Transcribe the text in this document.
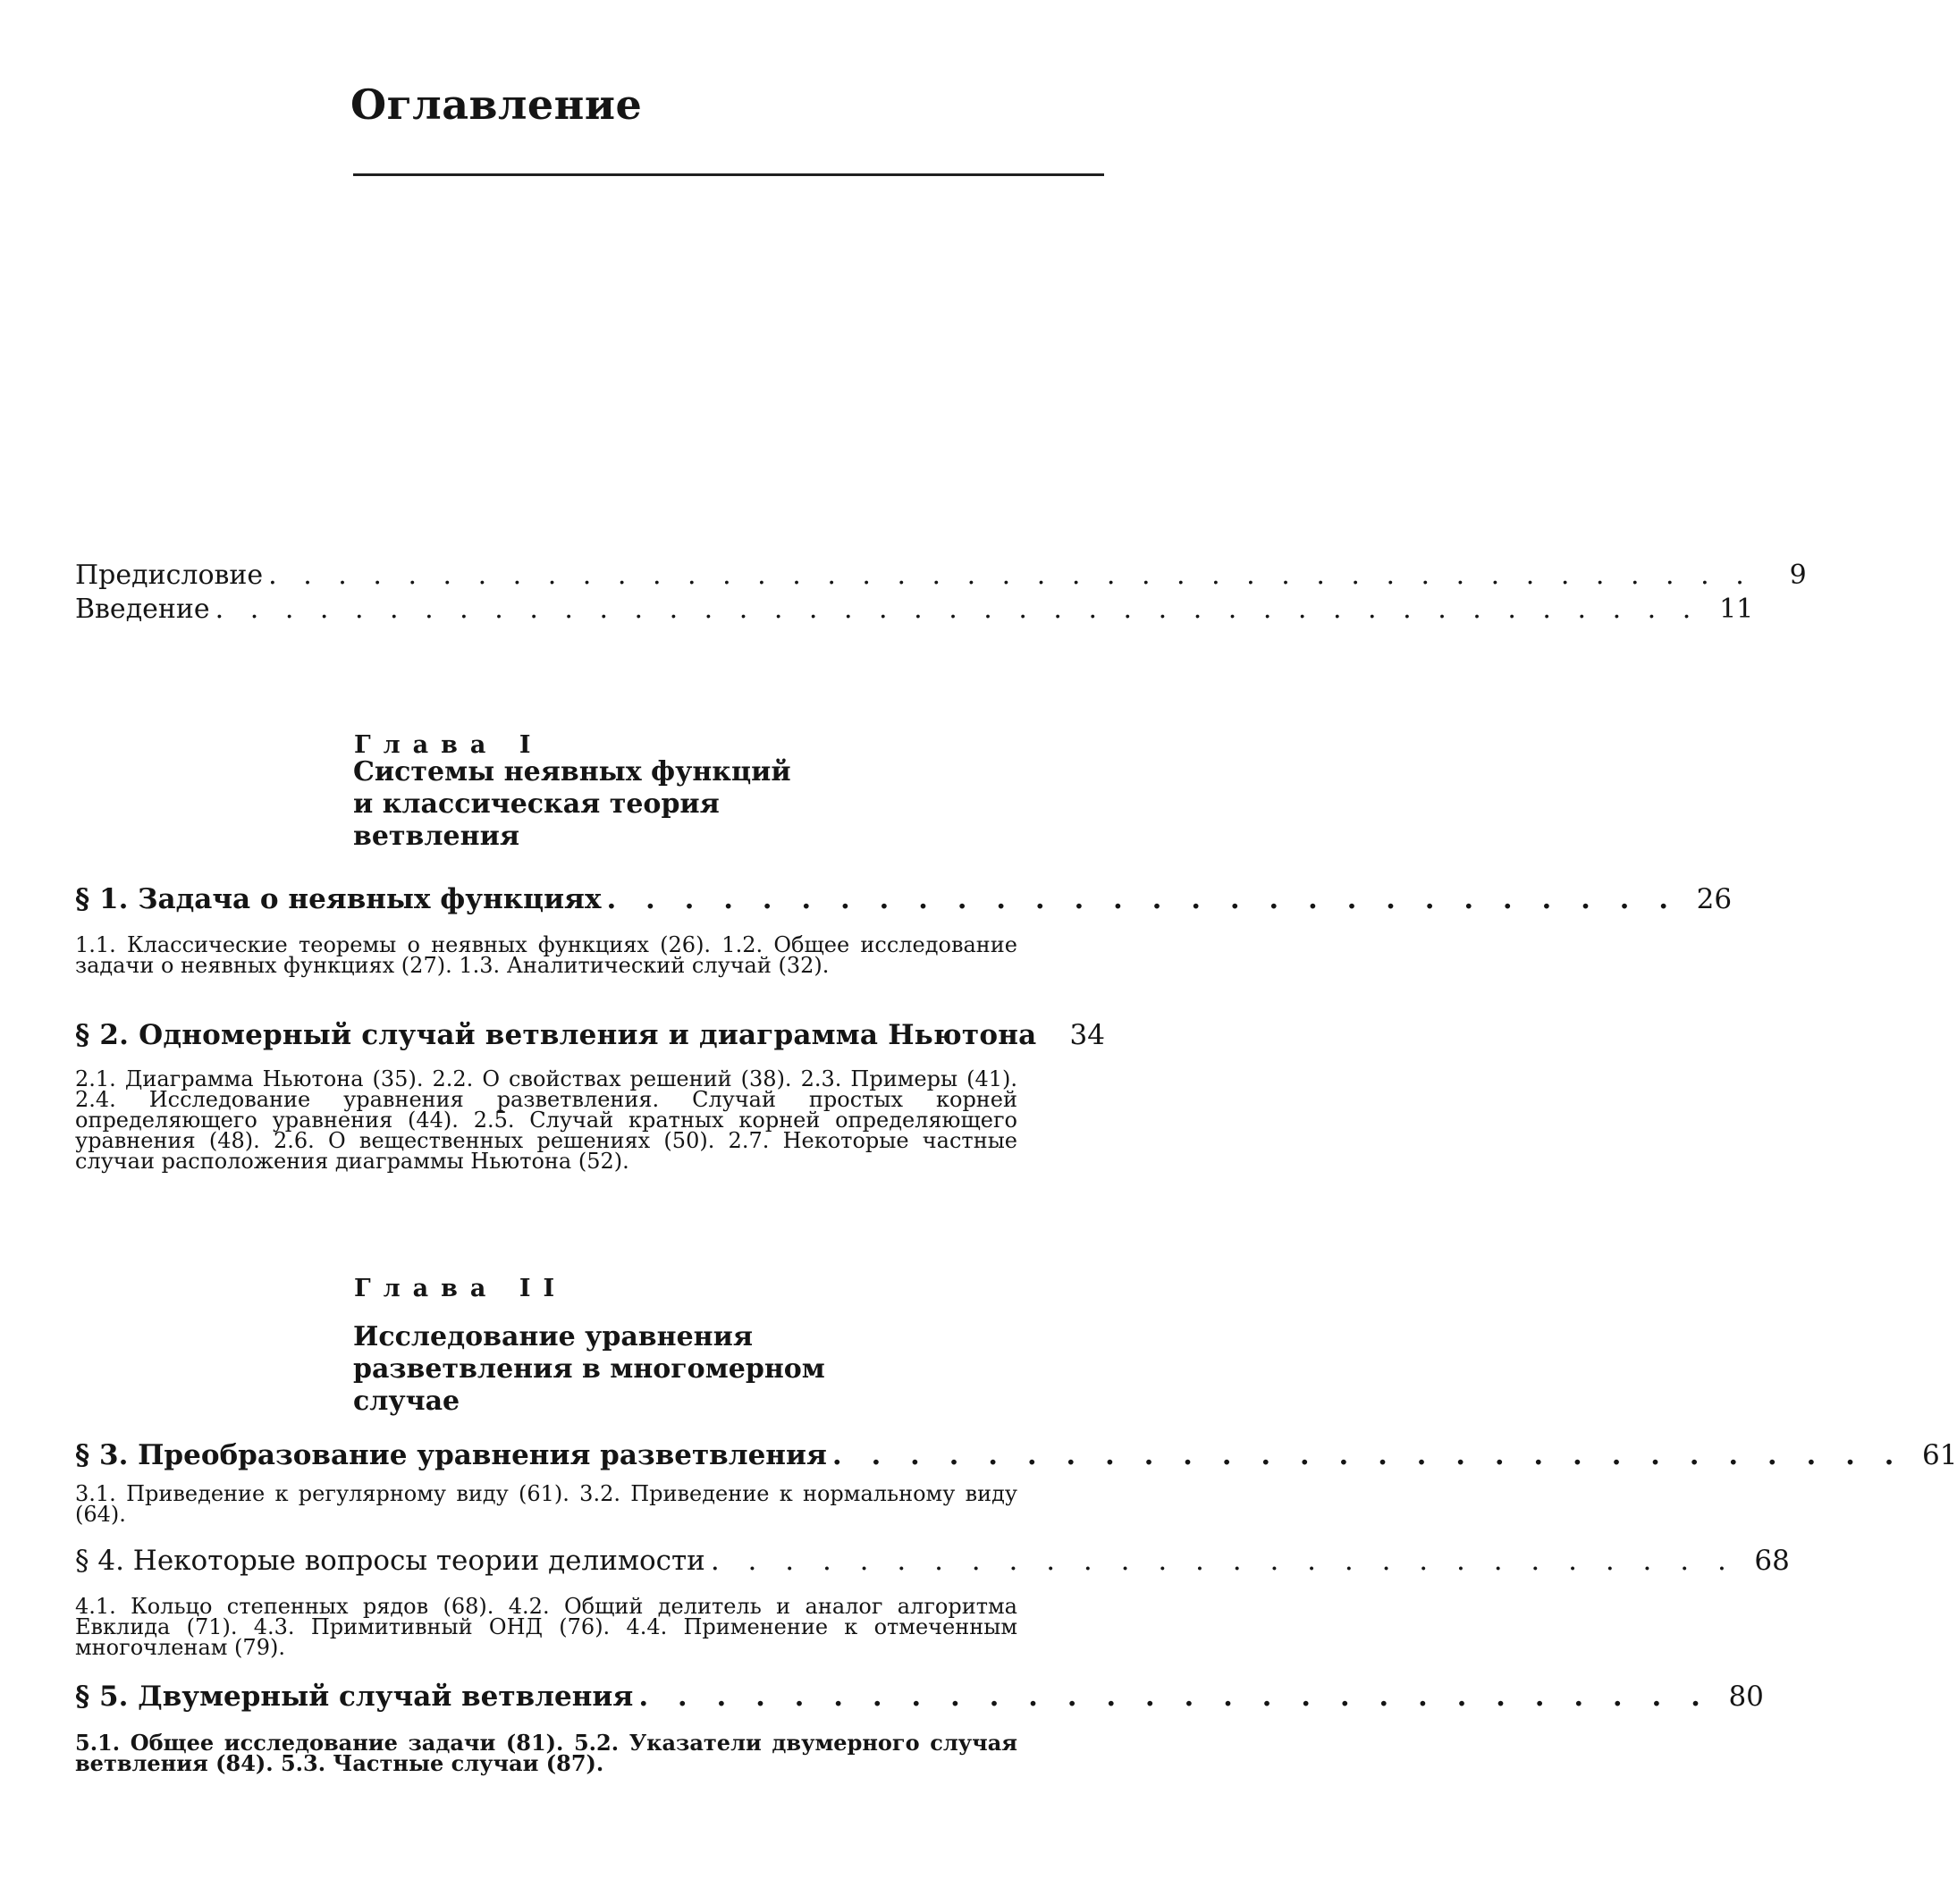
Оглавление
Предисловие . . . . . . . . . . . . . . . . . . . . . . . . . . . . . . . . . . . . . . . . . . .	9
Введение . . . . . . . . . . . . . . . . . . . . . . . . . . . . . . . . . . . . . . . . . . . 11
Глава I
Системы неявных функций
и классическая теория
ветвления
§ 1. Задача о неявных функциях . . . . . . . . . . . . . . . . . . . . . . . . . . . . 26
1.1. Классические теоремы о неявных функциях (26). 1.2. Общее исследование задачи о неявных функциях (27). 1.3. Аналитический случай (32).
§ 2. Одномерный случай ветвления и диаграмма Ньютона	34
2.1. Диаграмма Ньютона (35). 2.2. О свойствах решений (38). 2.3. Примеры (41). 2.4. Исследование уравнения разветвления. Случай простых корней определяющего уравнения (44). 2.5. Случай кратных корней определяющего уравнения (48). 2.6. О вещественных решениях (50). 2.7. Некоторые частные случаи расположения диаграммы Ньютона (52).
Глава II
Исследование уравнения
разветвления в многомерном
случае
§ 3. Преобразование уравнения разветвления . . . . . . . . . . . . . . . . . . . . . . . . . . . . 61
3.1. Приведение к регулярному виду (61). 3.2. Приведение к нормальному виду (64).
§ 4. Некоторые вопросы теории делимости . . . . . . . . . . . . . . . . . . . . . . . . . . . . 68
4.1. Кольцо степенных рядов (68). 4.2. Общий делитель и аналог алгоритма Евклида (71). 4.3. Примитивный ОНД (76). 4.4. Применение к отмеченным многочленам (79).
§ 5. Двумерный случай ветвления . . . . . . . . . . . . . . . . . . . . . . . . . . . . 80
5.1. Общее исследование задачи (81). 5.2. Указатели двумерного случая ветвления (84). 5.3. Частные случаи (87).
